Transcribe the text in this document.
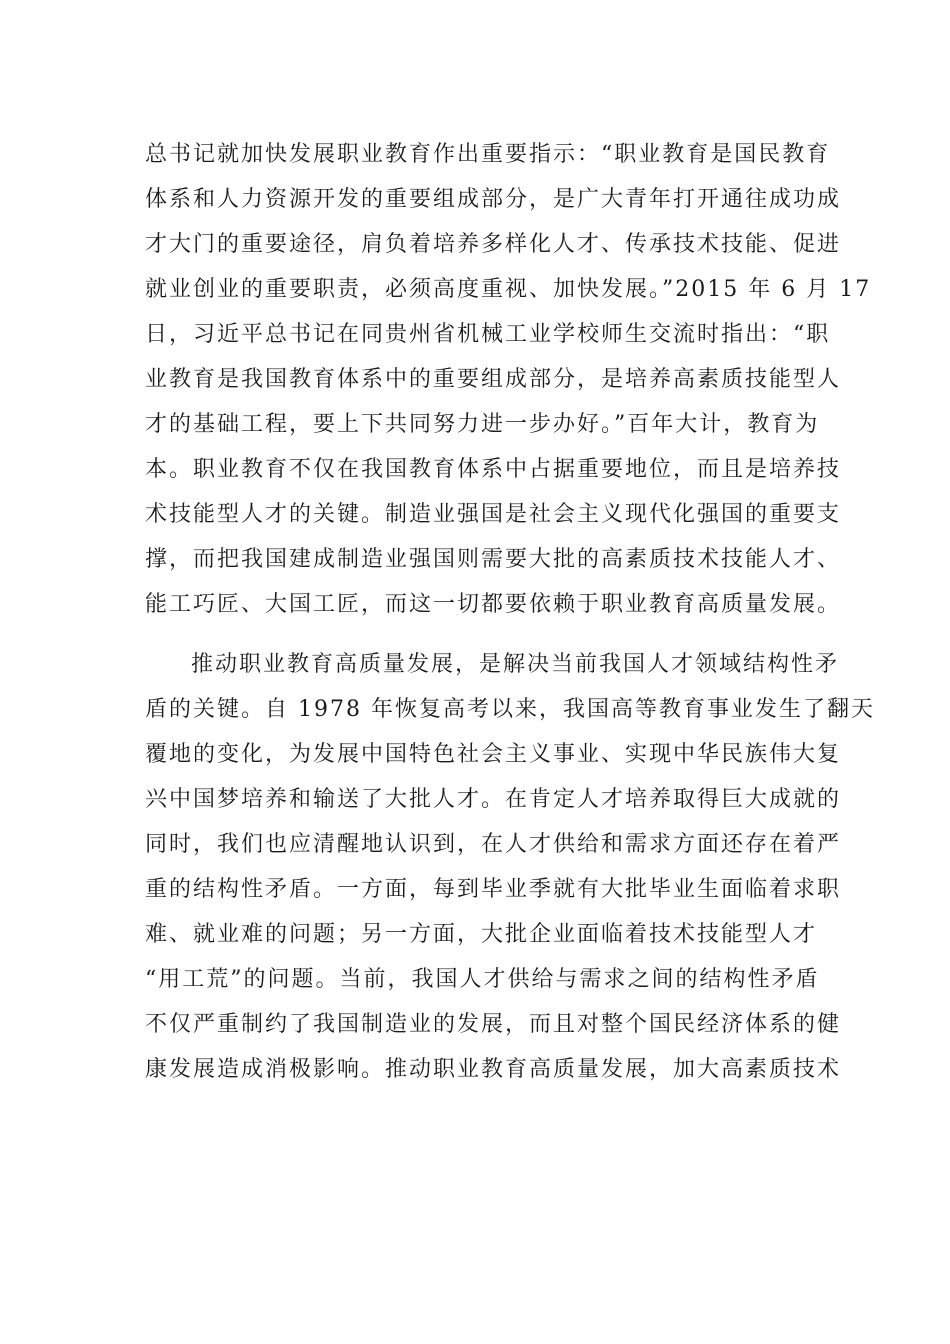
总书记就加快发展职业教育作出重要指示：“职业教育是国民教育
体系和人力资源开发的重要组成部分，是广大青年打开通往成功成
才大门的重要途径，肩负着培养多样化人才、传承技术技能、促进
就业创业的重要职责，必须高度重视、加快发展。”2015 年 6 月 17
日，习近平总书记在同贵州省机械工业学校师生交流时指出：“职
业教育是我国教育体系中的重要组成部分，是培养高素质技能型人
才的基础工程，要上下共同努力进一步办好。”百年大计，教育为
本。职业教育不仅在我国教育体系中占据重要地位，而且是培养技
术技能型人才的关键。制造业强国是社会主义现代化强国的重要支
撑，而把我国建成制造业强国则需要大批的高素质技术技能人才、
能工巧匠、大国工匠，而这一切都要依赖于职业教育高质量发展。
推动职业教育高质量发展，是解决当前我国人才领域结构性矛
盾的关键。自 1978 年恢复高考以来，我国高等教育事业发生了翻天
覆地的变化，为发展中国特色社会主义事业、实现中华民族伟大复
兴中国梦培养和输送了大批人才。在肯定人才培养取得巨大成就的
同时，我们也应清醒地认识到，在人才供给和需求方面还存在着严
重的结构性矛盾。一方面，每到毕业季就有大批毕业生面临着求职
难、就业难的问题；另一方面，大批企业面临着技术技能型人才
“用工荒”的问题。当前，我国人才供给与需求之间的结构性矛盾
不仅严重制约了我国制造业的发展，而且对整个国民经济体系的健
康发展造成消极影响。推动职业教育高质量发展，加大高素质技术
